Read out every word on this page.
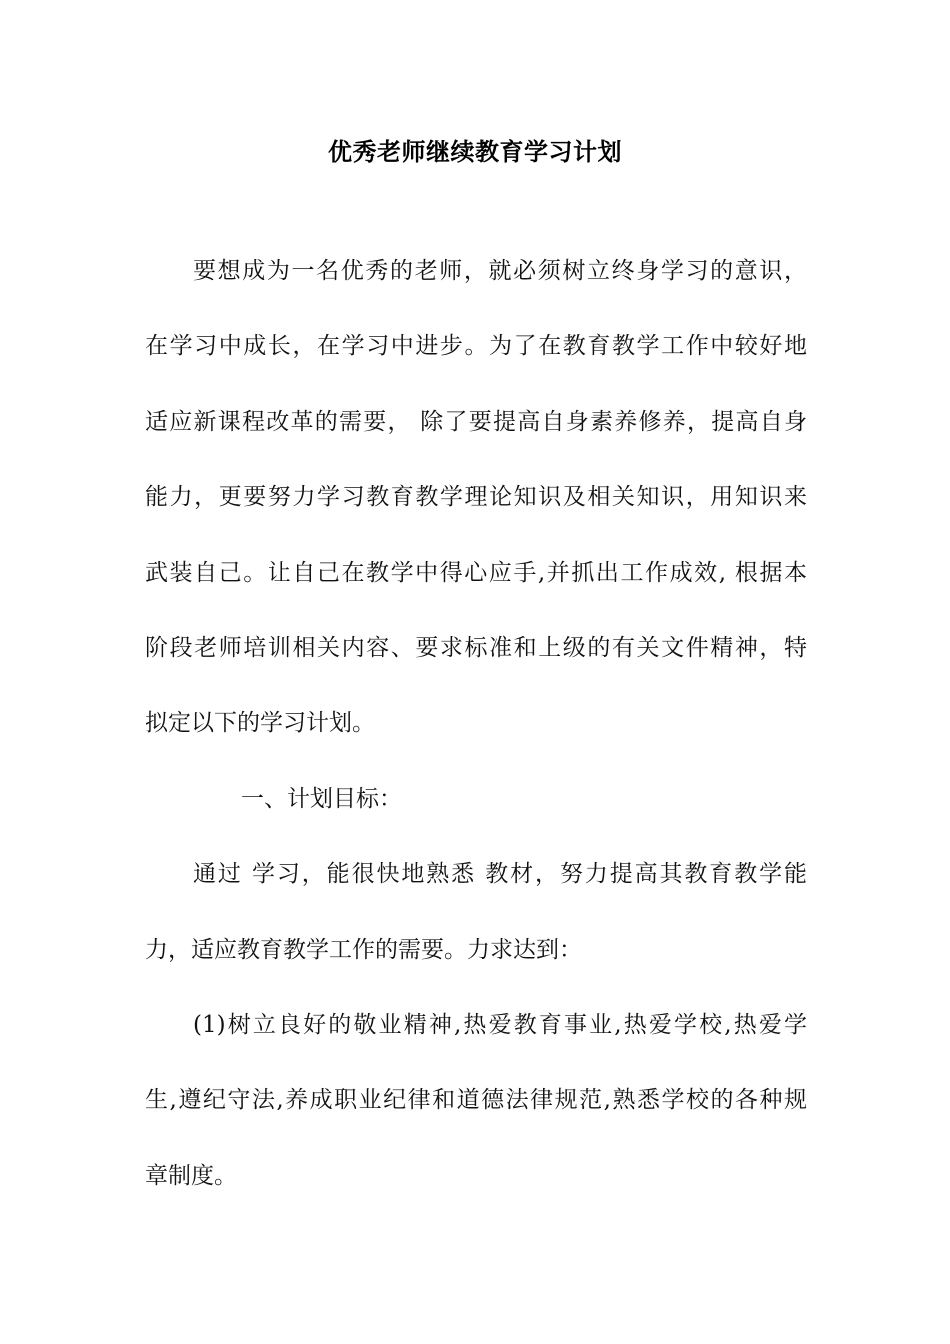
优秀老师继续教育学习计划
要想成为一名优秀的老师，就必须树立终身学习的意识，
在学习中成长，在学习中进步。为了在教育教学工作中较好地
适应新课程改革的需要， 除了要提高自身素养修养，提高自身
能力，更要努力学习教育教学理论知识及相关知识，用知识来
武装自己。让自己在教学中得心应手,并抓出工作成效, 根据本
阶段老师培训相关内容、要求标准和上级的有关文件精神，特
拟定以下的学习计划。
一、计划目标：
通过 学习，能很快地熟悉 教材，努力提高其教育教学能
力，适应教育教学工作的需要。力求达到：
(1)树立良好的敬业精神,热爱教育事业,热爱学校,热爱学
生,遵纪守法,养成职业纪律和道德法律规范,熟悉学校的各种规
章制度。
